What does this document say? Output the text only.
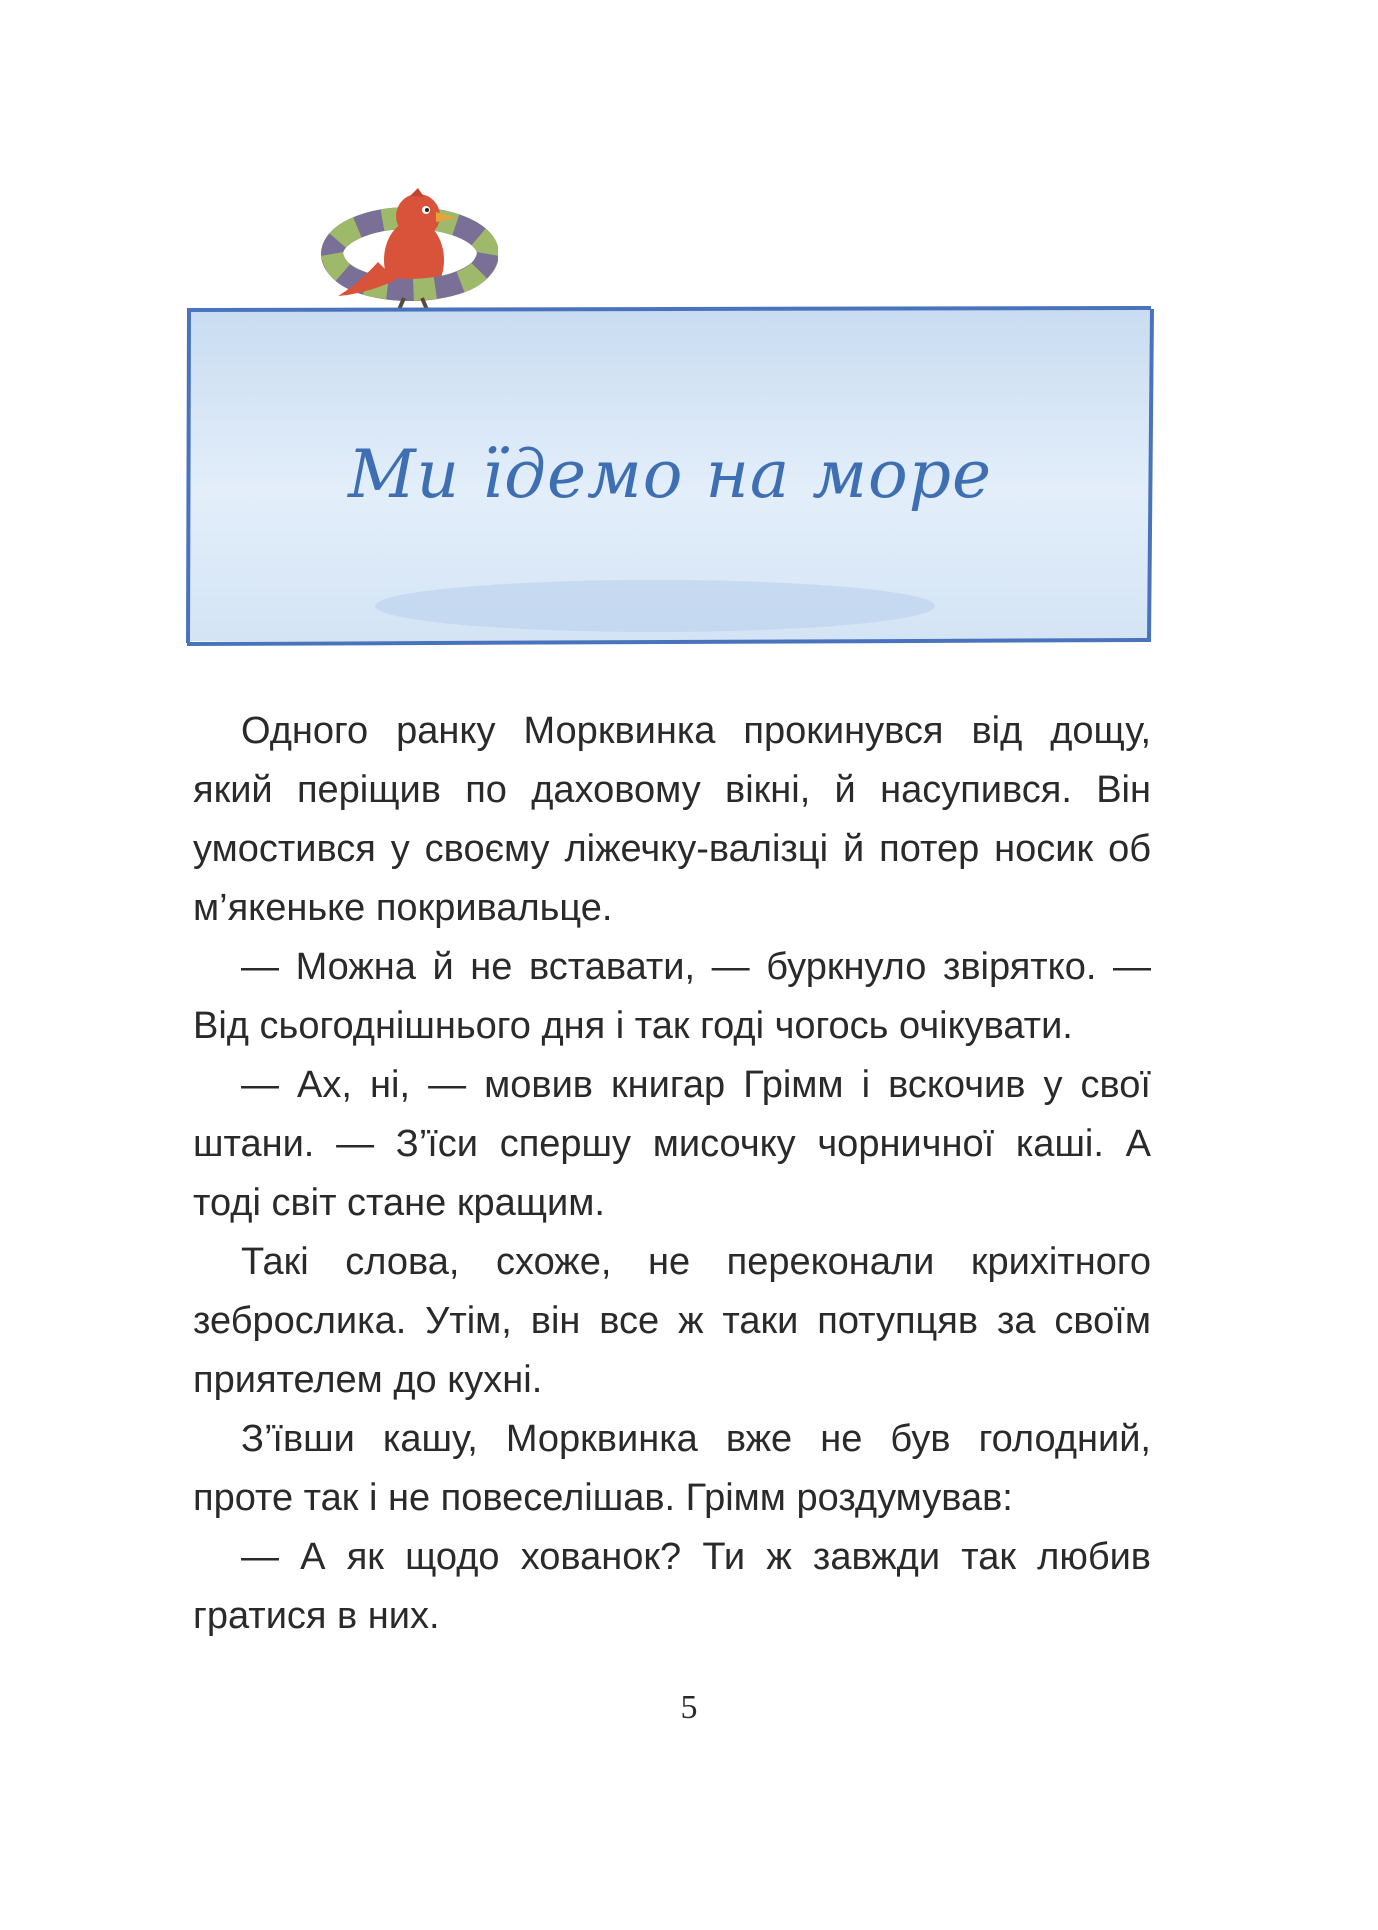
Ми їдемо на море

Одного ранку Морквинка прокинувся від дощу, який періщив по даховому вікні, й насупився. Він умостився у своєму ліжечку-валізці й потер носик об м’якеньке покривальце.

— Можна й не вставати, — буркнуло звірятко. — Від сьогоднішнього дня і так годі чогось очікувати.

— Ах, ні, — мовив книгар Грімм і вскочив у свої штани. — З’їси спершу мисочку чорничної каші. А тоді світ стане кращим.

Такі слова, схоже, не переконали крихітного зеброслика. Утім, він все ж таки потупцяв за своїм приятелем до кухні.

З’ївши кашу, Морквинка вже не був голодний, проте так і не повеселішав. Грімм роздумував:

— А як щодо хованок? Ти ж завжди так любив гратися в них.

5
